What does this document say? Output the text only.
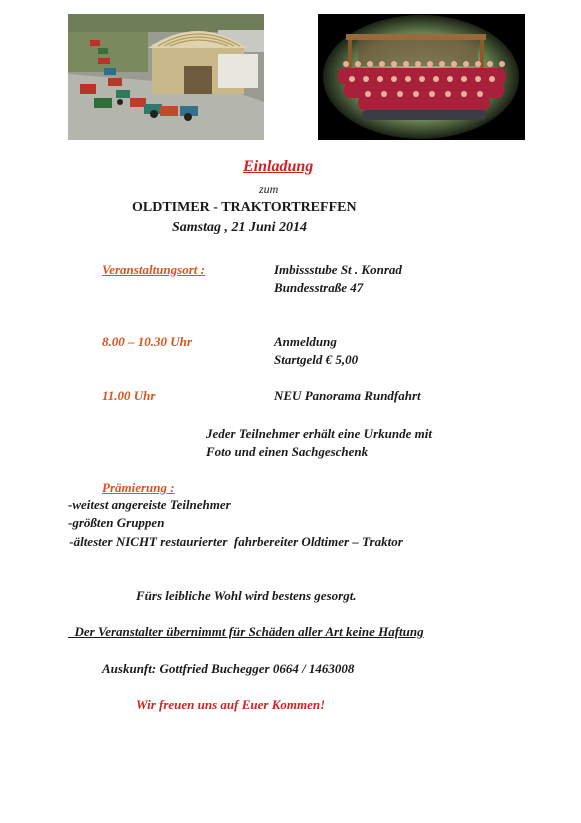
Einladung
zum
OLDTIMER - TRAKTORTREFFEN
Samstag , 21 Juni 2014
Veranstaltungsort :	Imbissstube St . Konrad
Bundesstraße 47
8.00 – 10.30 Uhr	Anmeldung
Startgeld € 5,00
11.00 Uhr	NEU Panorama Rundfahrt
Jeder Teilnehmer erhält eine Urkunde mit
Foto und einen Sachgeschenk
Prämierung :
-weitest angereiste Teilnehmer
-größten Gruppen
-ältester NICHT restaurierter  fahrbereiter Oldtimer – Traktor
Fürs leibliche Wohl wird bestens gesorgt.
Der Veranstalter übernimmt für Schäden aller Art keine Haftung
Auskunft: Gottfried Buchegger 0664 / 1463008
Wir freuen uns auf Euer Kommen!
